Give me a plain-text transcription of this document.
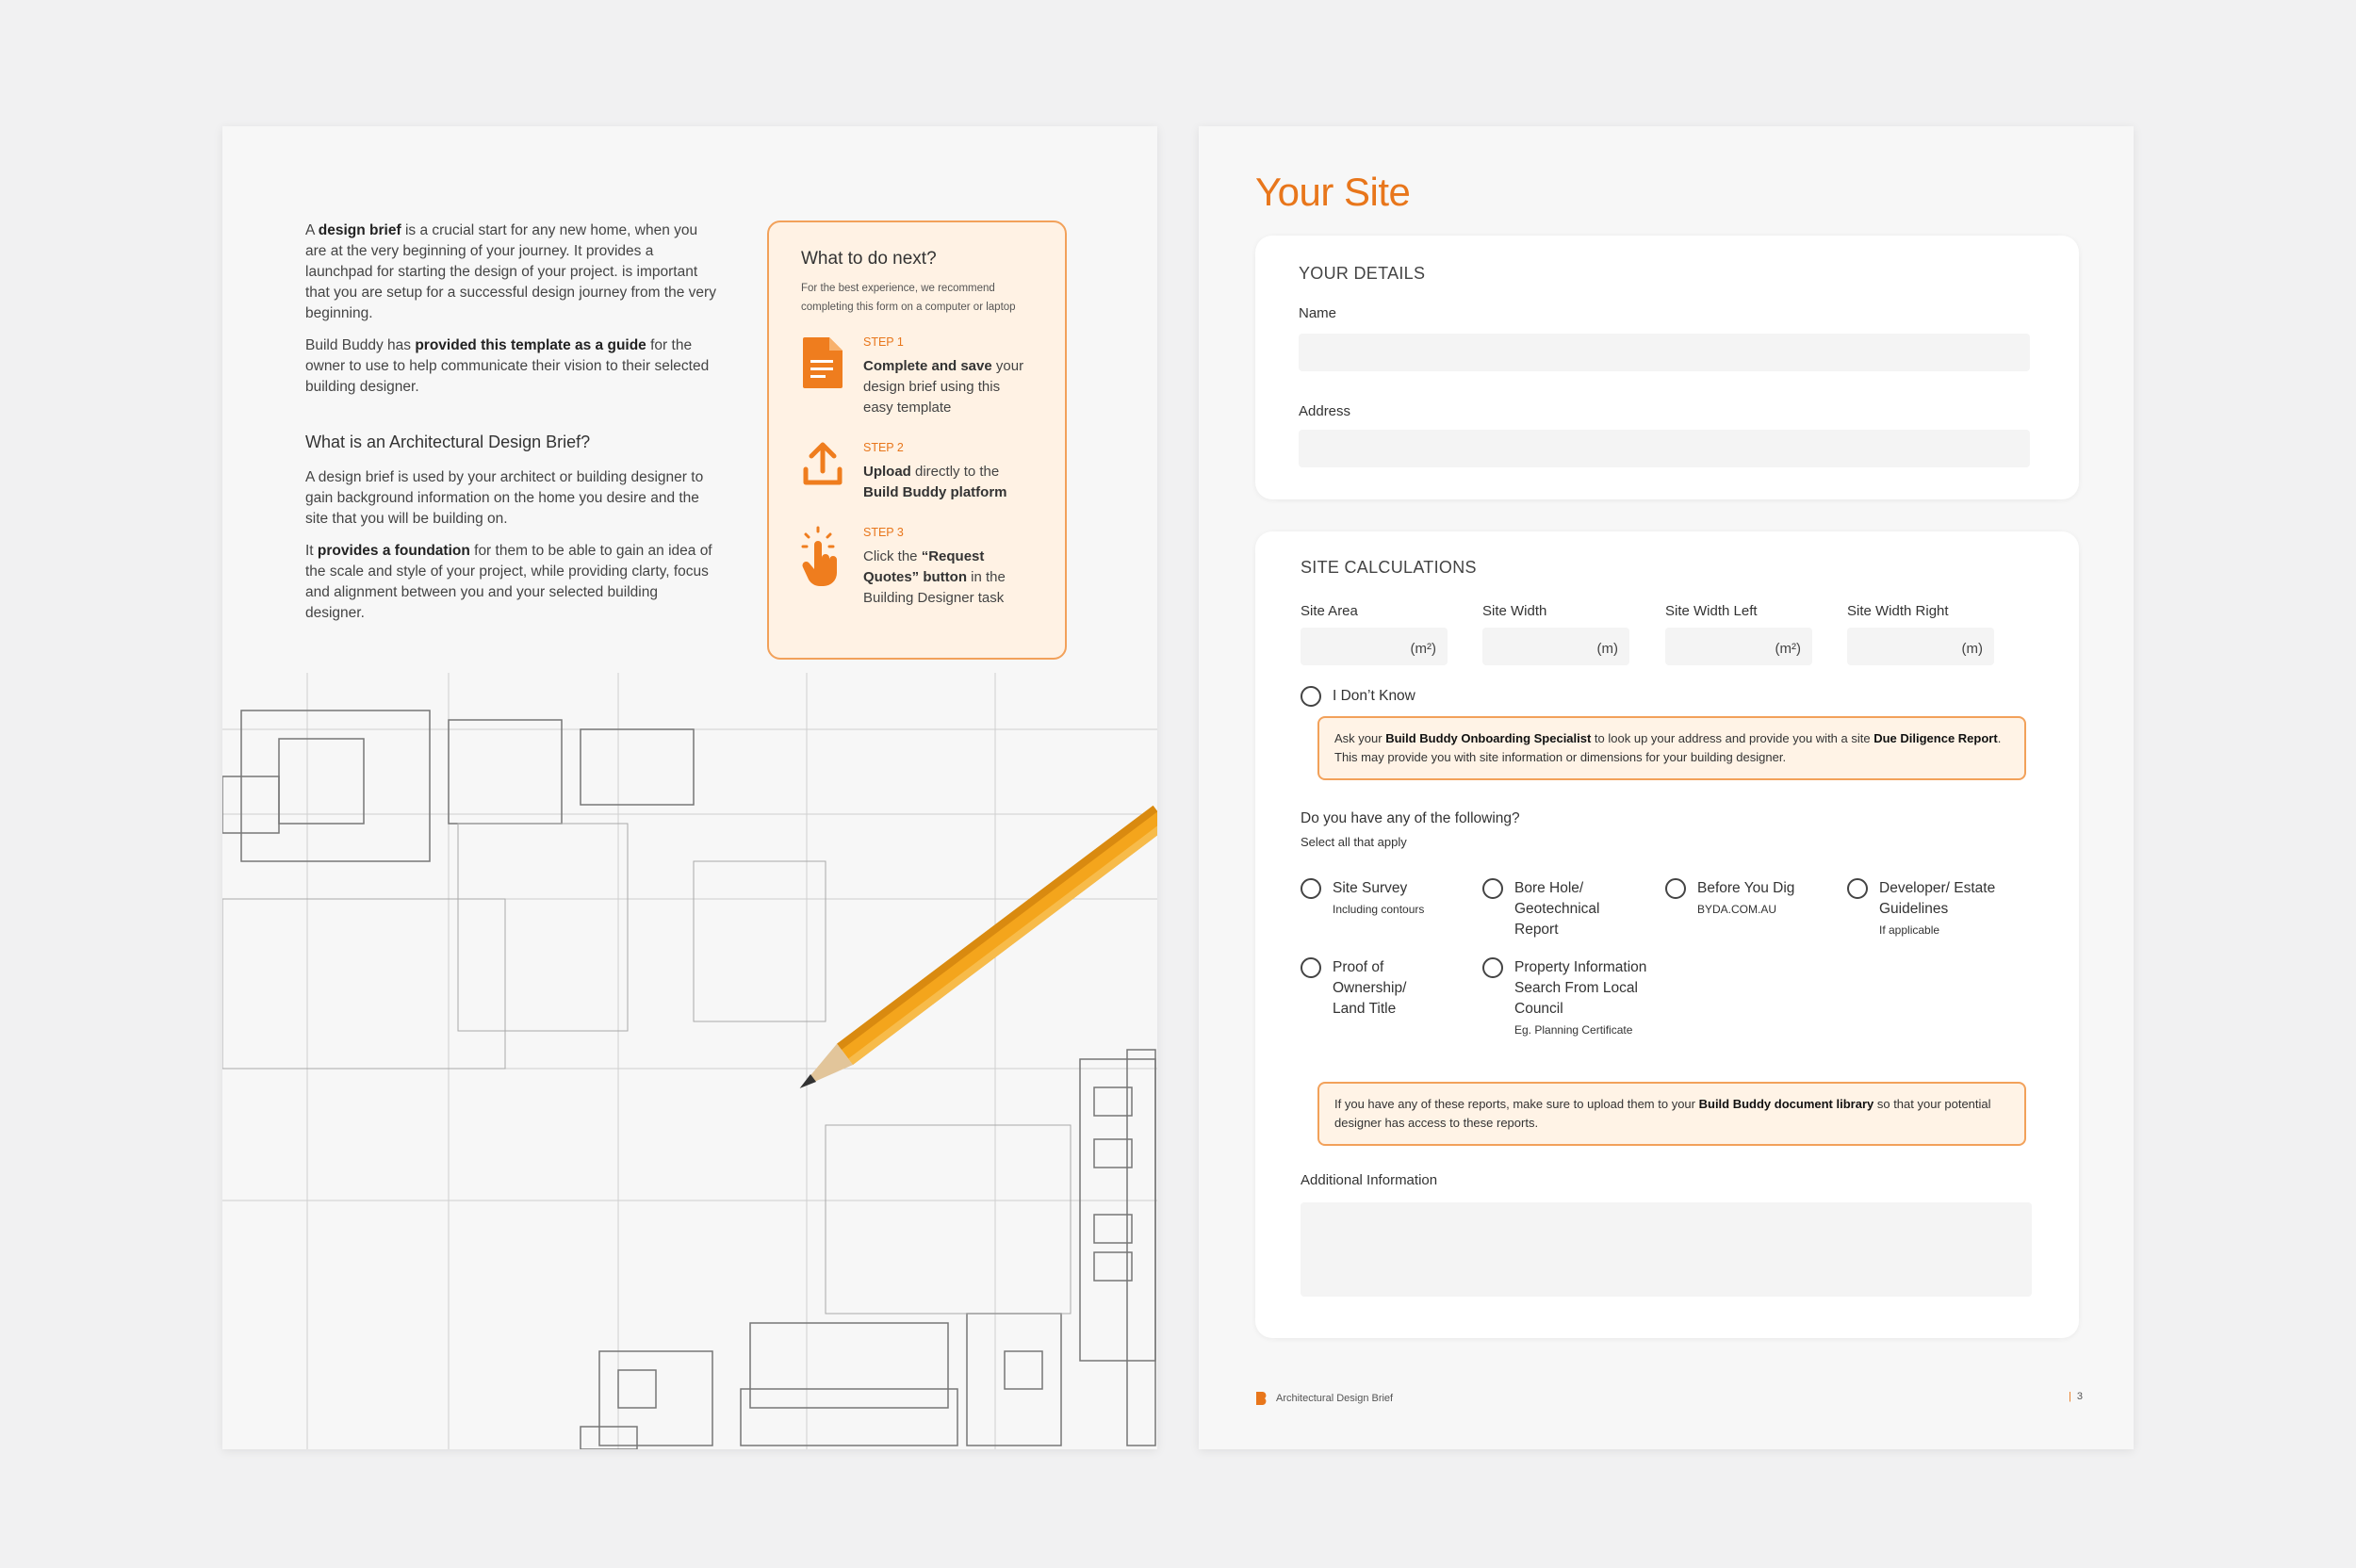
A design brief is a crucial start for any new home, when you are at the very beginning of your journey. It provides a launchpad for starting the design of your project. is important that you are setup for a successful design journey from the very beginning.

Build Buddy has provided this template as a guide for the owner to use to help communicate their vision to their selected building designer.

What is an Architectural Design Brief?

A design brief is used by your architect or building designer to gain background information on the home you desire and the site that you will be building on.

It provides a foundation for them to be able to gain an idea of the scale and style of your project, while providing clarty, focus and alignment between you and your selected building designer.

What to do next?
For the best experience, we recommend completing this form on a computer or laptop
STEP 1
Complete and save your design brief using this easy template
STEP 2
Upload directly to the Build Buddy platform
STEP 3
Click the “Request Quotes” button in the Building Designer task
Your Site
YOUR DETAILS
Name
Address
SITE CALCULATIONS
Site Area
(m²)
Site Width
(m)
Site Width Left
(m²)
Site Width Right
(m)
I Don’t Know
Ask your Build Buddy Onboarding Specialist to look up your address and provide you with a site Due Diligence Report. This may provide you with site information or dimensions for your building designer.
Do you have any of the following?
Select all that apply
Site Survey
Including contours
Bore Hole/ Geotechnical Report
Before You Dig
BYDA.COM.AU
Developer/ Estate Guidelines
If applicable
Proof of Ownership/ Land Title
Property Information Search From Local Council
Eg. Planning Certificate
If you have any of these reports, make sure to upload them to your Build Buddy document library so that your potential designer has access to these reports.
Additional Information
Architectural Design Brief	| 3
